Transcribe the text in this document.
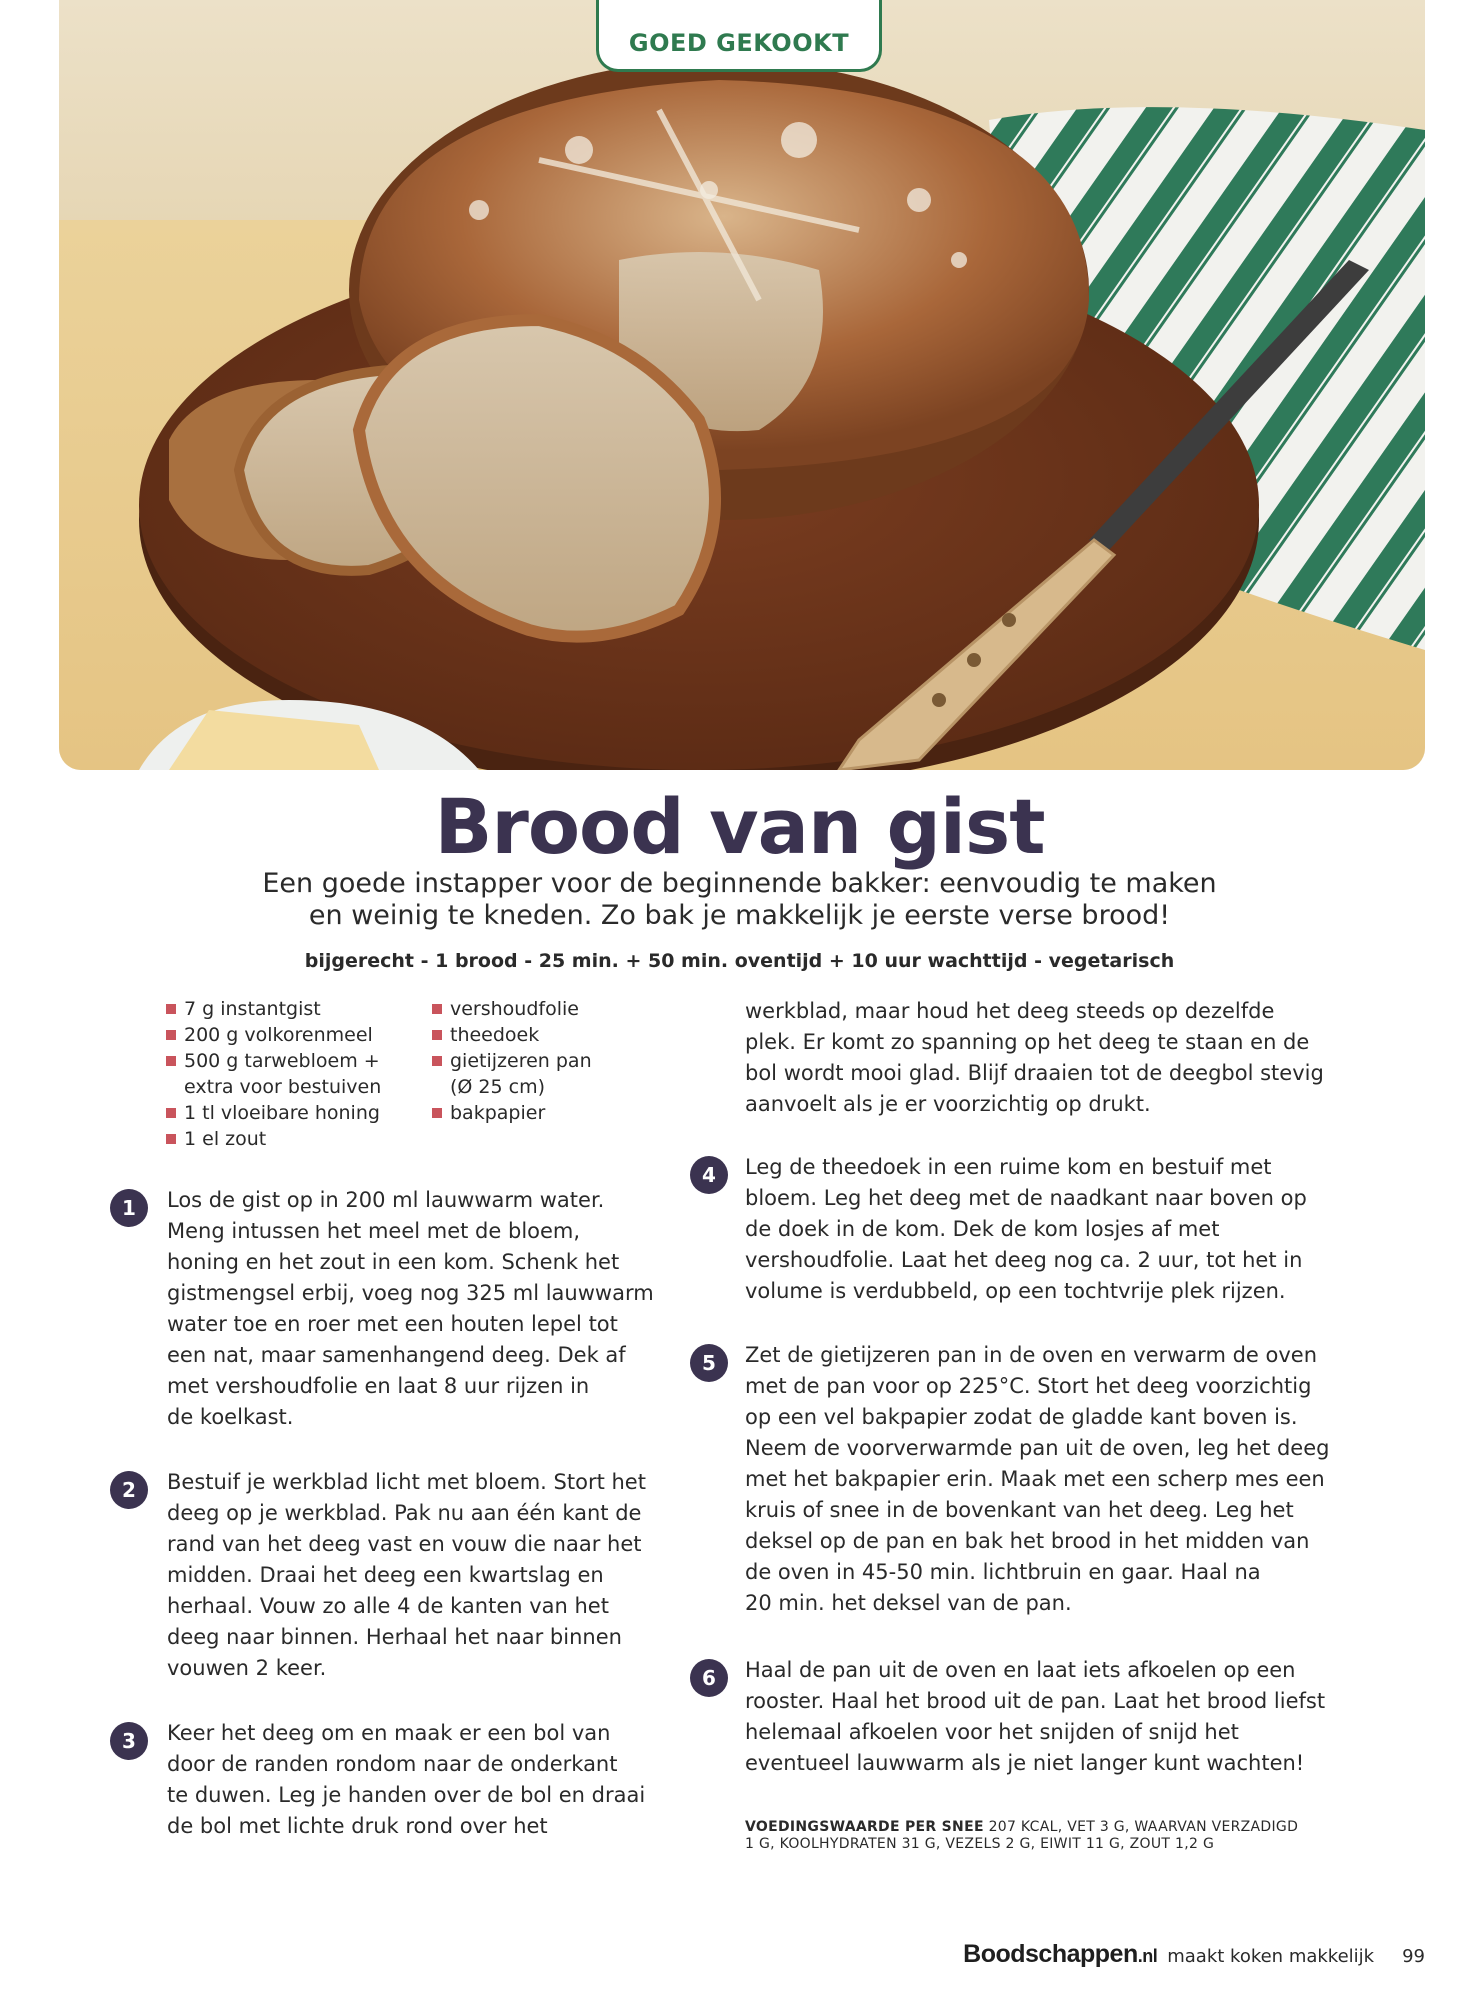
GOED GEKOOKT
Brood van gist
Een goede instapper voor de beginnende bakker: eenvoudig te maken
en weinig te kneden. Zo bak je makkelijk je eerste verse brood!
bijgerecht - 1 brood - 25 min. + 50 min. oventijd + 10 uur wachttijd - vegetarisch
7 g instantgist
200 g volkorenmeel
500 g tarwebloem +
extra voor bestuiven
1 tl vloeibare honing
1 el zout
vershoudfolie
theedoek
gietijzeren pan
(Ø 25 cm)
bakpapier
1	Los de gist op in 200 ml lauwwarm water.

Meng intussen het meel met de bloem,

honing en het zout in een kom. Schenk het

gistmengsel erbij, voeg nog 325 ml lauwwarm

water toe en roer met een houten lepel tot

een nat, maar samenhangend deeg. Dek af

met vershoudfolie en laat 8 uur rijzen in

de koelkast.

2	Bestuif je werkblad licht met bloem. Stort het

deeg op je werkblad. Pak nu aan één kant de

rand van het deeg vast en vouw die naar het

midden. Draai het deeg een kwartslag en

herhaal. Vouw zo alle 4 de kanten van het

deeg naar binnen. Herhaal het naar binnen

vouwen 2 keer.

3	Keer het deeg om en maak er een bol van

door de randen rondom naar de onderkant

te duwen. Leg je handen over de bol en draai

de bol met lichte druk rond over het

werkblad, maar houd het deeg steeds op dezelfde

plek. Er komt zo spanning op het deeg te staan en de

bol wordt mooi glad. Blijf draaien tot de deegbol stevig

aanvoelt als je er voorzichtig op drukt.

4	Leg de theedoek in een ruime kom en bestuif met

bloem. Leg het deeg met de naadkant naar boven op

de doek in de kom. Dek de kom losjes af met

vershoudfolie. Laat het deeg nog ca. 2 uur, tot het in

volume is verdubbeld, op een tochtvrije plek rijzen.

5	Zet de gietijzeren pan in de oven en verwarm de oven

met de pan voor op 225°C. Stort het deeg voorzichtig

op een vel bakpapier zodat de gladde kant boven is.

Neem de voorverwarmde pan uit de oven, leg het deeg

met het bakpapier erin. Maak met een scherp mes een

kruis of snee in de bovenkant van het deeg. Leg het

deksel op de pan en bak het brood in het midden van

de oven in 45-50 min. lichtbruin en gaar. Haal na

20 min. het deksel van de pan.

6	Haal de pan uit de oven en laat iets afkoelen op een

rooster. Haal het brood uit de pan. Laat het brood liefst

helemaal afkoelen voor het snijden of snijd het

eventueel lauwwarm als je niet langer kunt wachten!

VOEDINGSWAARDE PER SNEE 207 KCAL, VET 3 G, WAARVAN VERZADIGD
1 G, KOOLHYDRATEN 31 G, VEZELS 2 G, EIWIT 11 G, ZOUT 1,2 G
Boodschappen.nl maakt koken makkelijk 99
